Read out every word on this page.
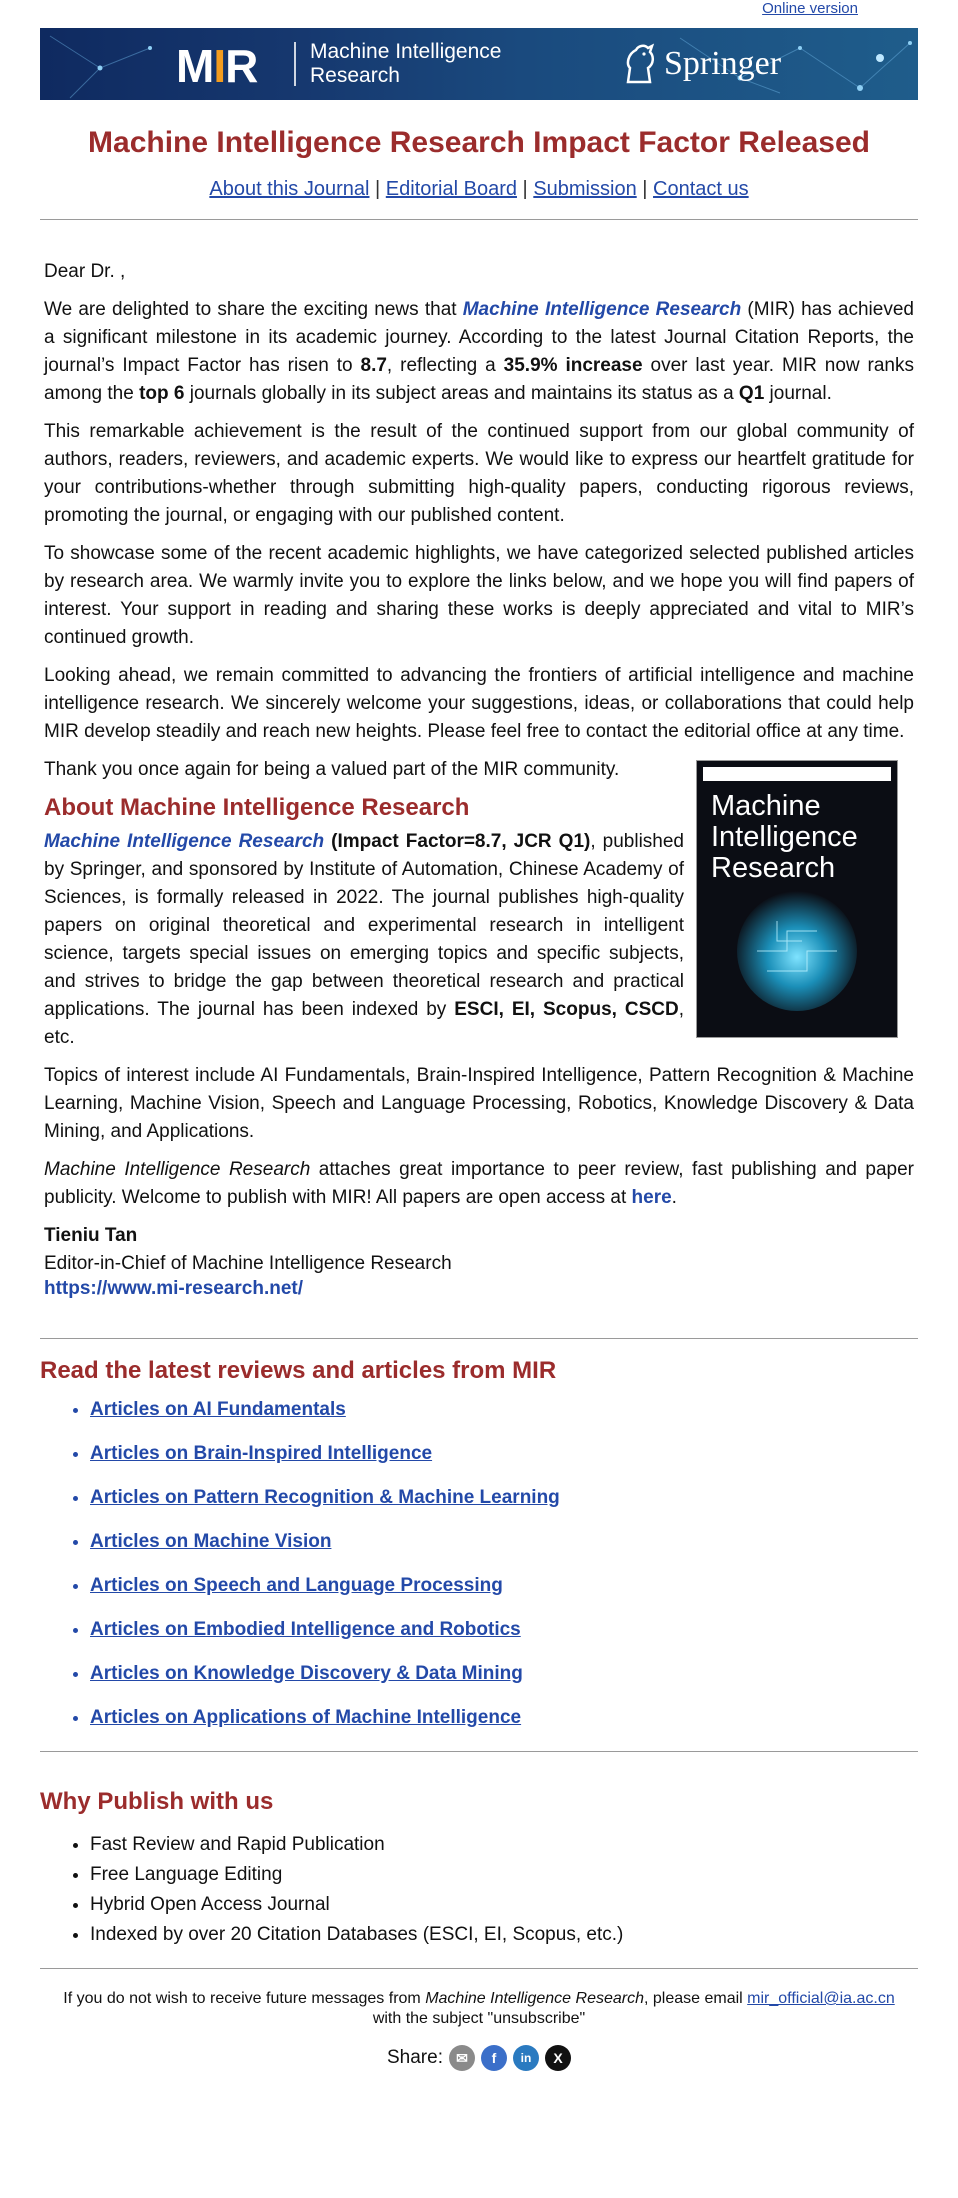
Online version
M I R	Machine Intelligence
Research	Springer
Machine Intelligence Research Impact Factor Released
About this Journal | Editorial Board | Submission | Contact us

Dear Dr. ,

We are delighted to share the exciting news that Machine Intelligence Research (MIR) has achieved a significant milestone in its academic journey. According to the latest Journal Citation Reports, the journal’s Impact Factor has risen to 8.7, reflecting a 35.9% increase over last year. MIR now ranks among the top 6 journals globally in its subject areas and maintains its status as a Q1 journal.

This remarkable achievement is the result of the continued support from our global community of authors, readers, reviewers, and academic experts. We would like to express our heartfelt gratitude for your contributions-whether through submitting high-quality papers, conducting rigorous reviews, promoting the journal, or engaging with our published content.

To showcase some of the recent academic highlights, we have categorized selected published articles by research area. We warmly invite you to explore the links below, and we hope you will find papers of interest. Your support in reading and sharing these works is deeply appreciated and vital to MIR’s continued growth.

Looking ahead, we remain committed to advancing the frontiers of artificial intelligence and machine intelligence research. We sincerely welcome your suggestions, ideas, or collaborations that could help MIR develop steadily and reach new heights. Please feel free to contact the editorial office at any time.

Machine Intelligence Research

Thank you once again for being a valued part of the MIR community.

About Machine Intelligence Research

Machine Intelligence Research (Impact Factor=8.7, JCR Q1), published by Springer, and sponsored by Institute of Automation, Chinese Academy of Sciences, is formally released in 2022. The journal publishes high-quality papers on original theoretical and experimental research in intelligent science, targets special issues on emerging topics and specific subjects, and strives to bridge the gap between theoretical research and practical applications. The journal has been indexed by ESCI, EI, Scopus, CSCD, etc.

Topics of interest include AI Fundamentals, Brain-Inspired Intelligence, Pattern Recognition & Machine Learning, Machine Vision, Speech and Language Processing, Robotics, Knowledge Discovery & Data Mining, and Applications.

Machine Intelligence Research attaches great importance to peer review, fast publishing and paper publicity. Welcome to publish with MIR! All papers are open access at here.

Tieniu Tan
Editor-in-Chief of Machine Intelligence Research
https://www.mi-research.net/
Read the latest reviews and articles from MIR
• Articles on AI Fundamentals
• Articles on Brain-Inspired Intelligence
• Articles on Pattern Recognition & Machine Learning
• Articles on Machine Vision
• Articles on Speech and Language Processing
• Articles on Embodied Intelligence and Robotics
• Articles on Knowledge Discovery & Data Mining
• Articles on Applications of Machine Intelligence
Why Publish with us
• Fast Review and Rapid Publication
• Free Language Editing
• Hybrid Open Access Journal
• Indexed by over 20 Citation Databases (ESCI, EI, Scopus, etc.)
If you do not wish to receive future messages from Machine Intelligence Research, please email mir_official@ia.ac.cn
with the subject "unsubscribe"
Share: ✉	f	in	X
